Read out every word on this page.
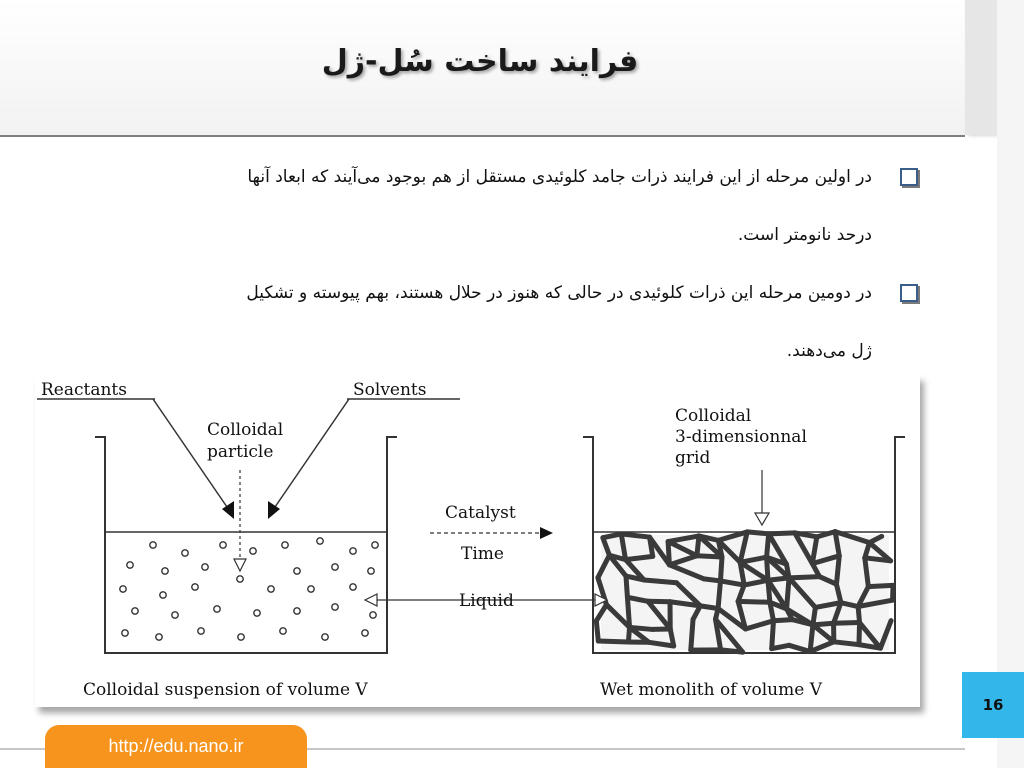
فرایند ساخت سُل-ژل
در اولین مرحله از این فرایند ذرات جامد کلوئیدی مستقل از هم بوجود می‌آیند که ابعاد آنها
درحد نانومتر است.
در دومین مرحله این ذرات کلوئیدی در حالی که هنوز در حلال هستند، بهم پیوسته و تشکیل
ژل می‌دهند.
Reactants	Solvents
Colloidal
particle
Colloidal
3-dimensionnal
grid
Catalyst
Time
Liquid
Colloidal suspension of volume V	Wet monolith of volume V
16
http://edu.nano.ir
